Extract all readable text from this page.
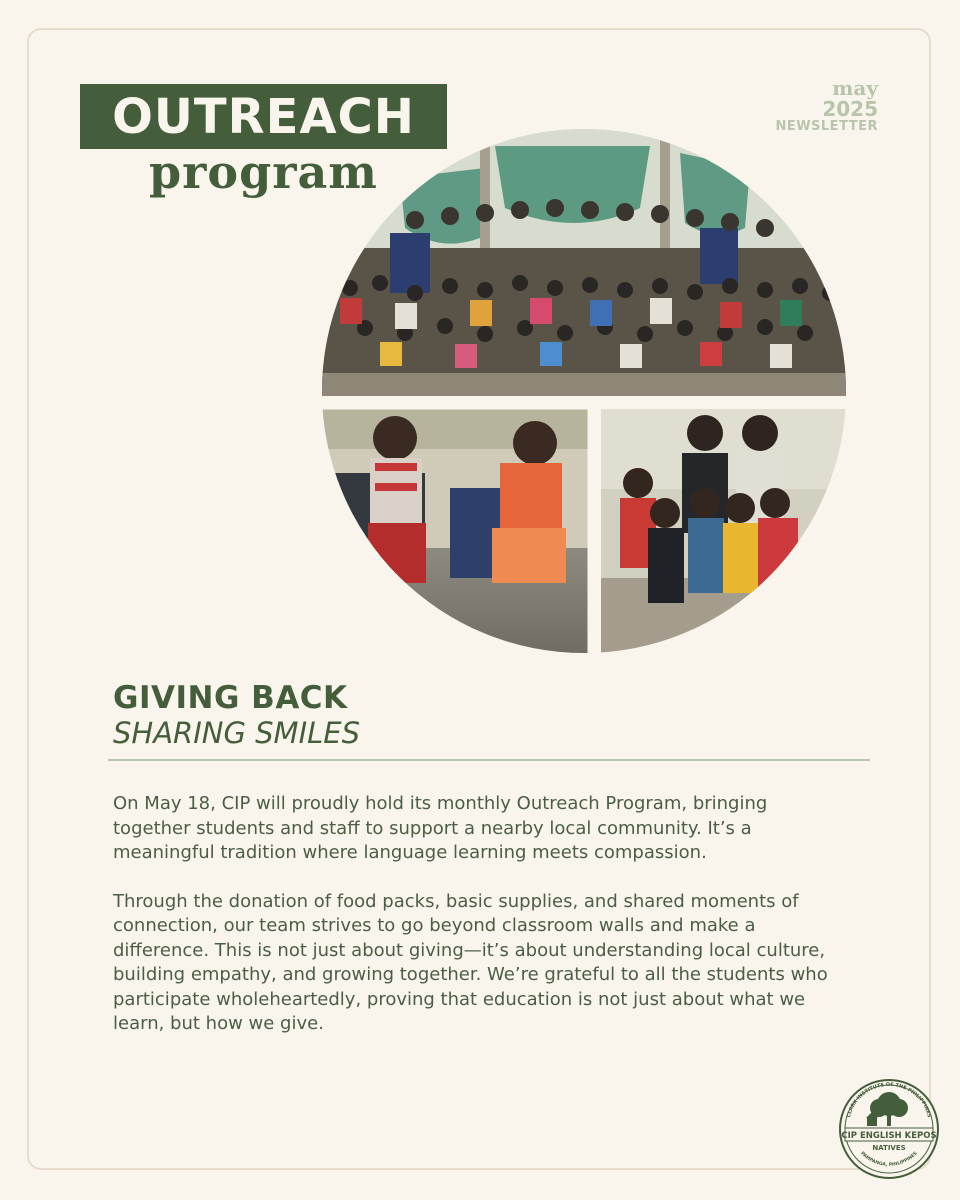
OUTREACH
program
may
2025
NEWSLETTER
GIVING BACK
SHARING SMILES

On May 18, CIP will proudly hold its monthly Outreach Program, bringing together students and staff to support a nearby local community. It’s a meaningful tradition where language learning meets compassion.

Through the donation of food packs, basic supplies, and shared moments of connection, our team strives to go beyond classroom walls and make a difference. This is not just about giving—it’s about understanding local culture, building empathy, and growing together. We’re grateful to all the students who participate wholeheartedly, proving that education is not just about what we learn, but how we give.

CLARK INSTITUTE OF THE PHILIPPINES
CIP ENGLISH KEPOS
NATIVES
PAMPANGA, PHILIPPINES
